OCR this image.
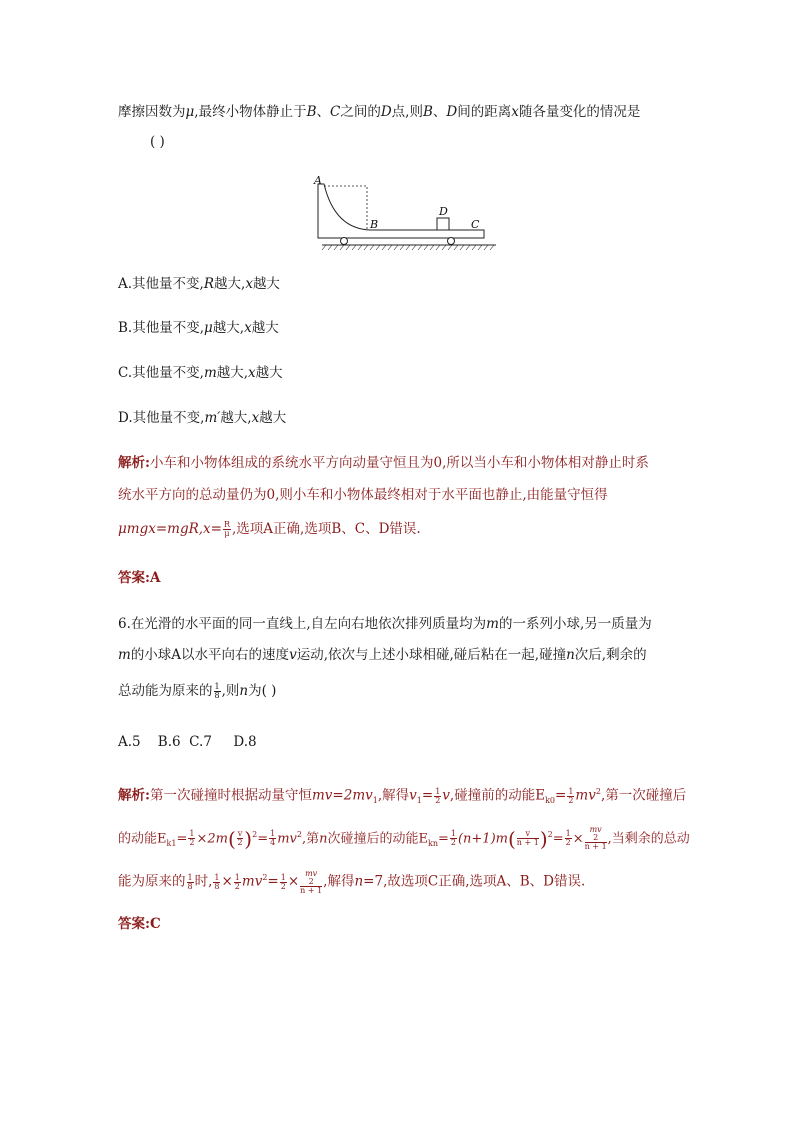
摩擦因数为μ,最终小物体静止于B、C之间的D点,则B、D间的距离x随各量变化的情况是
( )
A
B
D
C
A.其他量不变,R越大,x越大
B.其他量不变,μ越大,x越大
C.其他量不变,m越大,x越大
D.其他量不变,m′越大,x越大
解析:小车和小物体组成的系统水平方向动量守恒且为0,所以当小车和小物体相对静止时系
统水平方向的总动量仍为0,则小车和小物体最终相对于水平面也静止,由能量守恒得
$\mu mgx=mgR,x= \frac{R}{\mu}$ ,选项A正确,选项B、C、D错误.
答案:A
6.在光滑的水平面的同一直线上,自左向右地依次排列质量均为m的一系列小球,另一质量为
m的小球A以水平向右的速度v运动,依次与上述小球相碰,碰后粘在一起,碰撞n次后,剩余的
总动能为原来的 $\frac{1}{8}$ ,则n为( )
A.5    B.6  C.7     D.8
解析:第一次碰撞时根据动量守恒$mv=2mv_1$,解得$v_1= \frac{1}{2} v$,碰撞前的动能$E_{k0}= \frac{1}{2} mv^2$,第一次碰撞后
的动能$E_{k1}= \frac{1}{2} \times 2m( \frac{v}{2} )^2= \frac{1}{4} mv^2$,第n次碰撞后的动能$E_{kn}= \frac{1}{2} (n+1)m( \frac{v}{n + 1} )^2= \frac{1}{2}$ × mv
2
n + 1 ,当剩余的总动
能为原来的 $\frac{1}{8}$ 时, $\frac{1}{8} \times \frac{1}{2} mv^2= \frac{1}{2}$ × mv
2
n + 1 ,解得n=7,故选项C正确,选项A、B、D错误.
答案:C
